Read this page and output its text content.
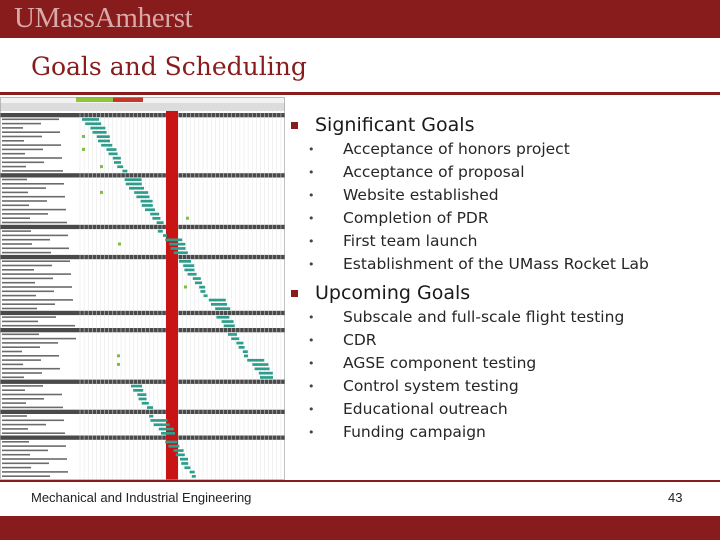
UMassAmherst
Goals and Scheduling
Significant Goals
• Acceptance of honors project
• Acceptance of proposal
• Website established
• Completion of PDR
• First team launch
• Establishment of the UMass Rocket Lab
Upcoming Goals
• Subscale and full-scale flight testing
• CDR
• AGSE component testing
• Control system testing
• Educational outreach
• Funding campaign
Mechanical and Industrial Engineering	43
